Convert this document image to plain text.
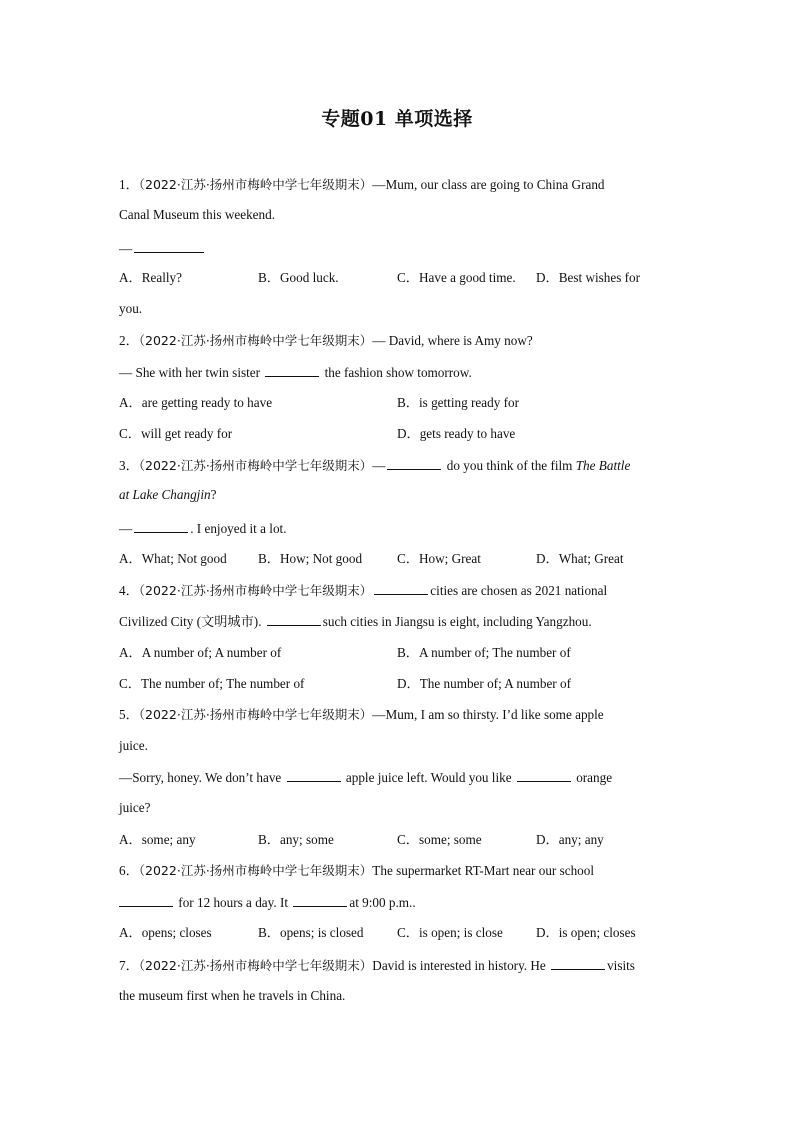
专题01 单项选择
1．（2022·江苏·扬州市梅岭中学七年级期末）—Mum, our class are going to China Grand
Canal Museum this weekend.
—
A．Really?	B．Good luck.	C．Have a good time. D．Best wishes for
you.
2．（2022·江苏·扬州市梅岭中学七年级期末）— David, where is Amy now?
— She with her twin sister	the fashion show tomorrow.
A．are getting ready to have	B．is getting ready for
C．will get ready for	D．gets ready to have
3．（2022·江苏·扬州市梅岭中学七年级期末）—	do you think of the film The Battle
at Lake Changjin?
—	. I enjoyed it a lot.
A．What; Not good B．How; Not good	C．How; Great	D．What; Great
4．（2022·江苏·扬州市梅岭中学七年级期末）	cities are chosen as 2021 national
Civilized City (文明城市).	such cities in Jiangsu is eight, including Yangzhou.
A．A number of; A number of	B．A number of; The number of
C．The number of; The number of	D．The number of; A number of
5．（2022·江苏·扬州市梅岭中学七年级期末）—Mum, I am so thirsty. I’d like some apple
juice.
—Sorry, honey. We don’t have	apple juice left. Would you like	orange
juice?
A．some; any	B．any; some	C．some; some	D．any; any
6．（2022·江苏·扬州市梅岭中学七年级期末）The supermarket RT-Mart near our school
for 12 hours a day. It	at 9:00 p.m..
A．opens; closes	B．opens; is closed	C．is open; is close	D．is open; closes
7．（2022·江苏·扬州市梅岭中学七年级期末）David is interested in history. He	visits
the museum first when he travels in China.
